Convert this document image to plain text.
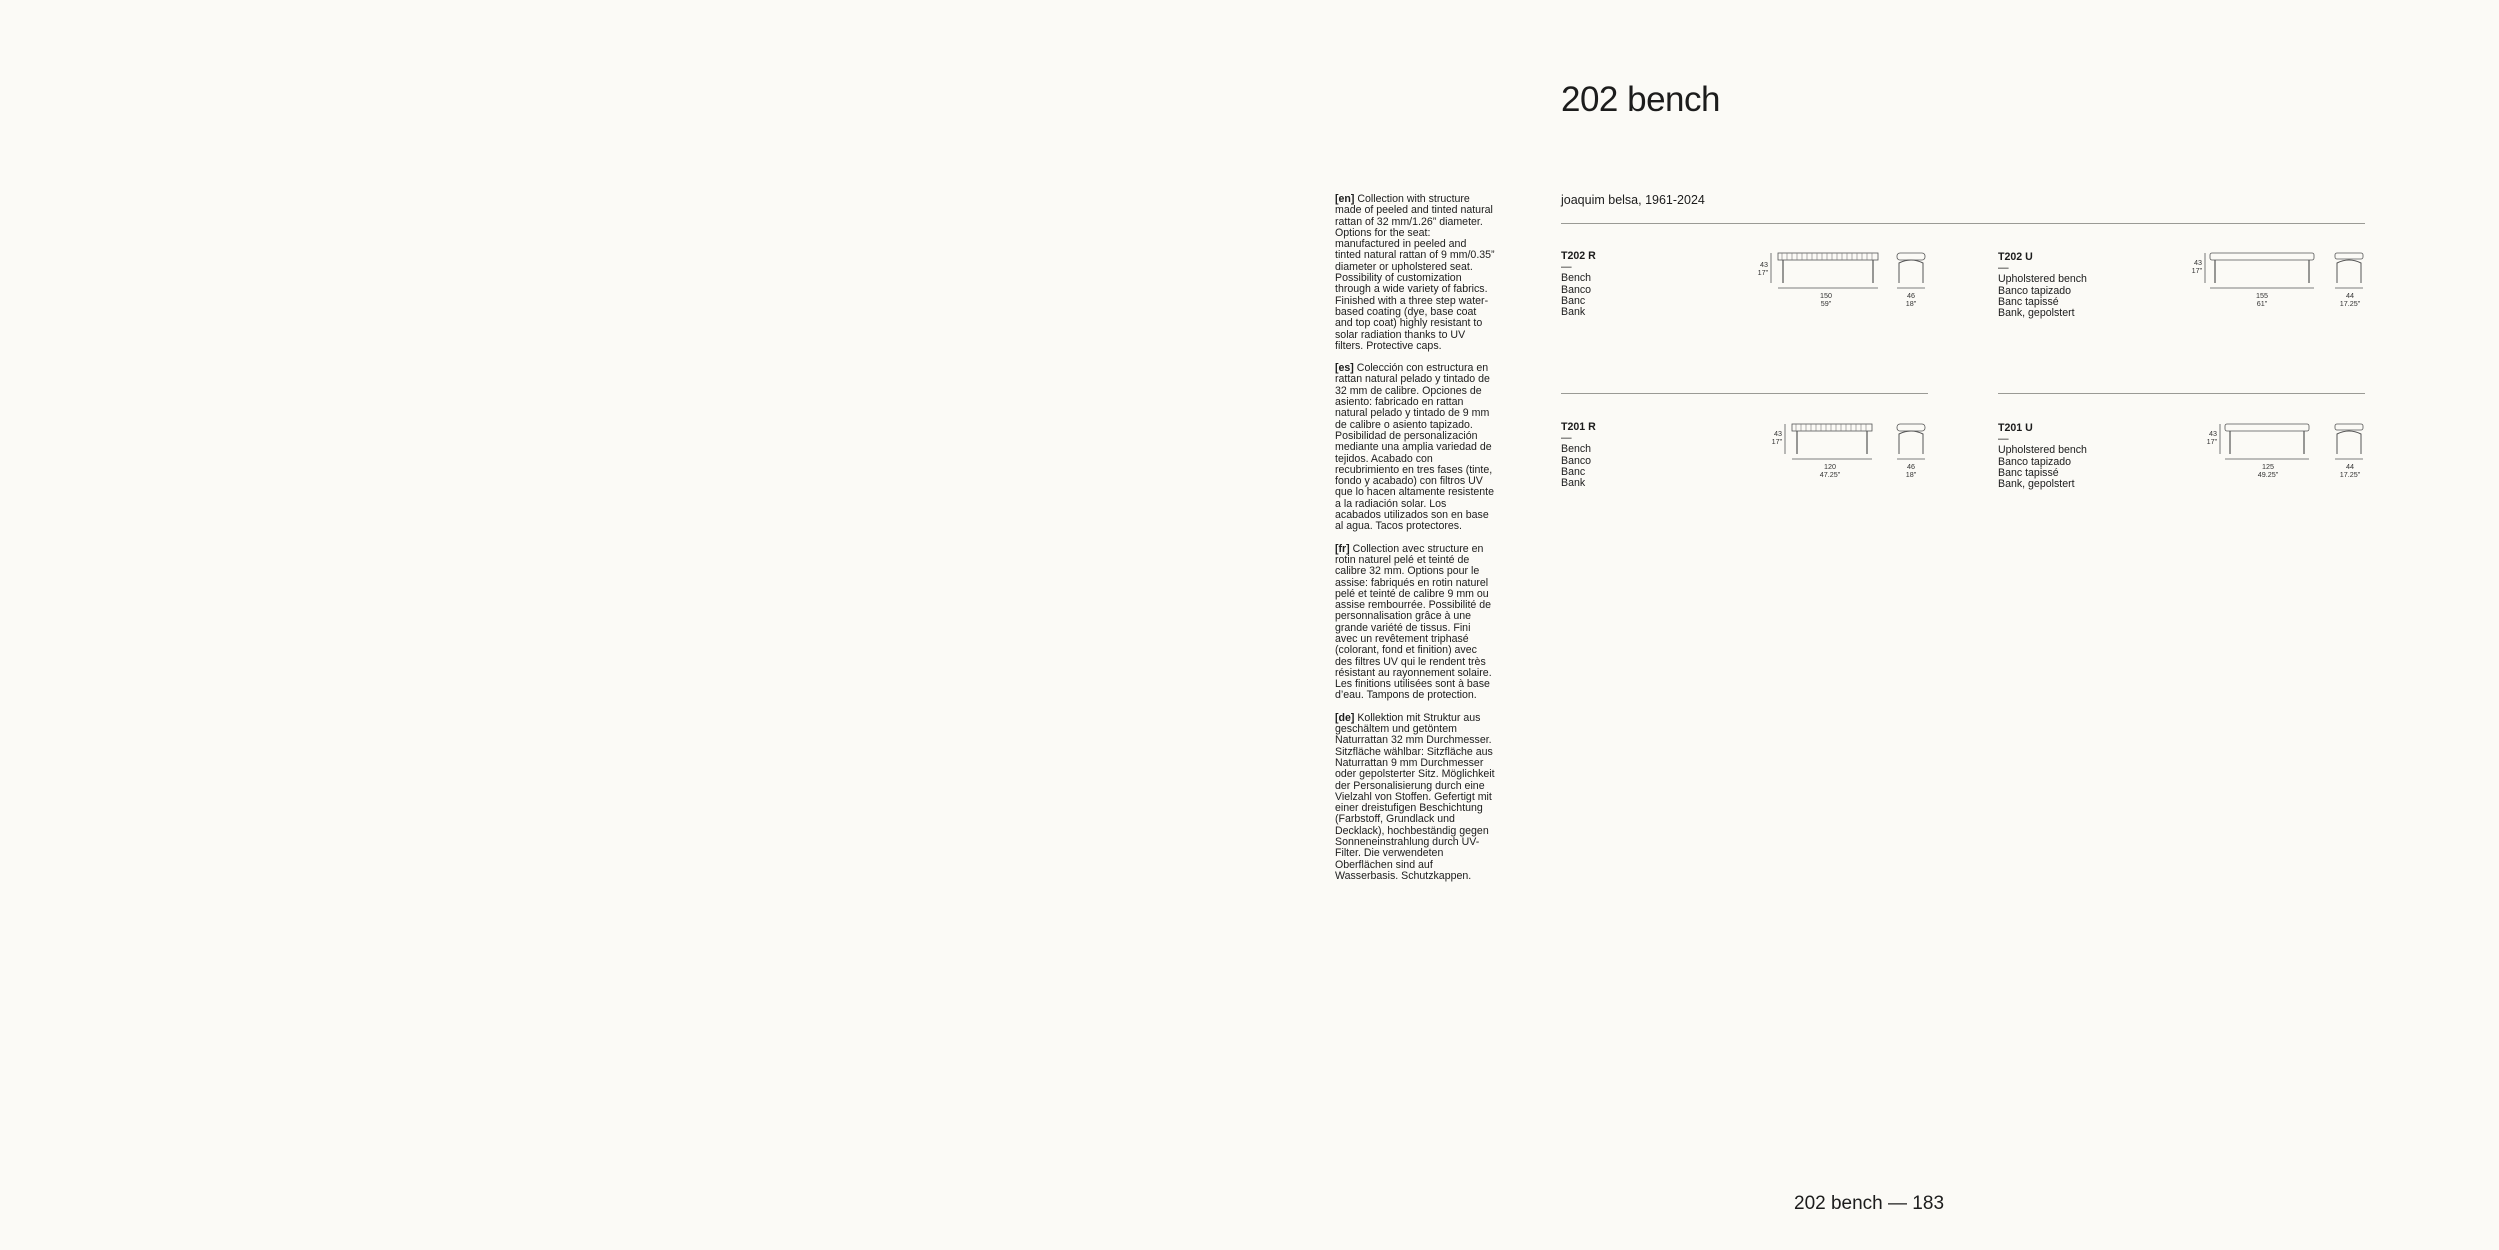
202 bench

[en] Collection with structure made of peeled and tinted natural rattan of 32 mm/1.26” diameter. Options for the seat: manufactured in peeled and tinted natural rattan of 9 mm/0.35” diameter or upholstered seat. Possibility of customization through a wide variety of fabrics. Finished with a three step water-based coating (dye, base coat and top coat) highly resistant to solar radiation thanks to UV filters. Protective caps.

[es] Colección con estructura en rattan natural pelado y tintado de 32 mm de calibre. Opciones de asiento: fabricado en rattan natural pelado y tintado de 9 mm de calibre o asiento tapizado. Posibilidad de personalización mediante una amplia variedad de tejidos. Acabado con recubrimiento en tres fases (tinte, fondo y acabado) con filtros UV que lo hacen altamente resistente a la radiación solar. Los acabados utilizados son en base al agua. Tacos protectores.

[fr] Collection avec structure en rotin naturel pelé et teinté de calibre 32 mm. Options pour le assise: fabriqués en rotin naturel pelé et teinté de calibre 9 mm ou assise rembourrée. Possibilité de personnalisation grâce à une grande variété de tissus. Fini avec un revêtement triphasé (colorant, fond et finition) avec des filtres UV qui le rendent très résistant au rayonnement solaire. Les finitions utilisées sont à base d’eau. Tampons de protection.

[de] Kollektion mit Struktur aus geschältem und getöntem Naturrattan 32 mm Durchmesser. Sitzfläche wählbar: Sitzfläche aus Naturrattan 9 mm Durchmesser oder gepolsterter Sitz. Möglichkeit der Personalisierung durch eine Vielzahl von Stoffen. Gefertigt mit einer dreistufigen Beschichtung (Farbstoff, Grundlack und Decklack), hochbeständig gegen Sonneneinstrahlung durch UV-Filter. Die verwendeten Oberflächen sind auf Wasserbasis. Schutzkappen.

joaquim belsa, 1961-2024
T202 R
—
Bench
Banco
Banc
Bank
43
17”
150
59”
46
18”
T202 U
—
Upholstered bench
Banco tapizado
Banc tapissé
Bank, gepolstert
43
17”
155
61”
44
17.25”
T201 R
—
Bench
Banco
Banc
Bank
43
17”
120
47.25”
46
18”
T201 U
—
Upholstered bench
Banco tapizado
Banc tapissé
Bank, gepolstert
43
17”
125
49.25”
44
17.25”
202 bench — 183
